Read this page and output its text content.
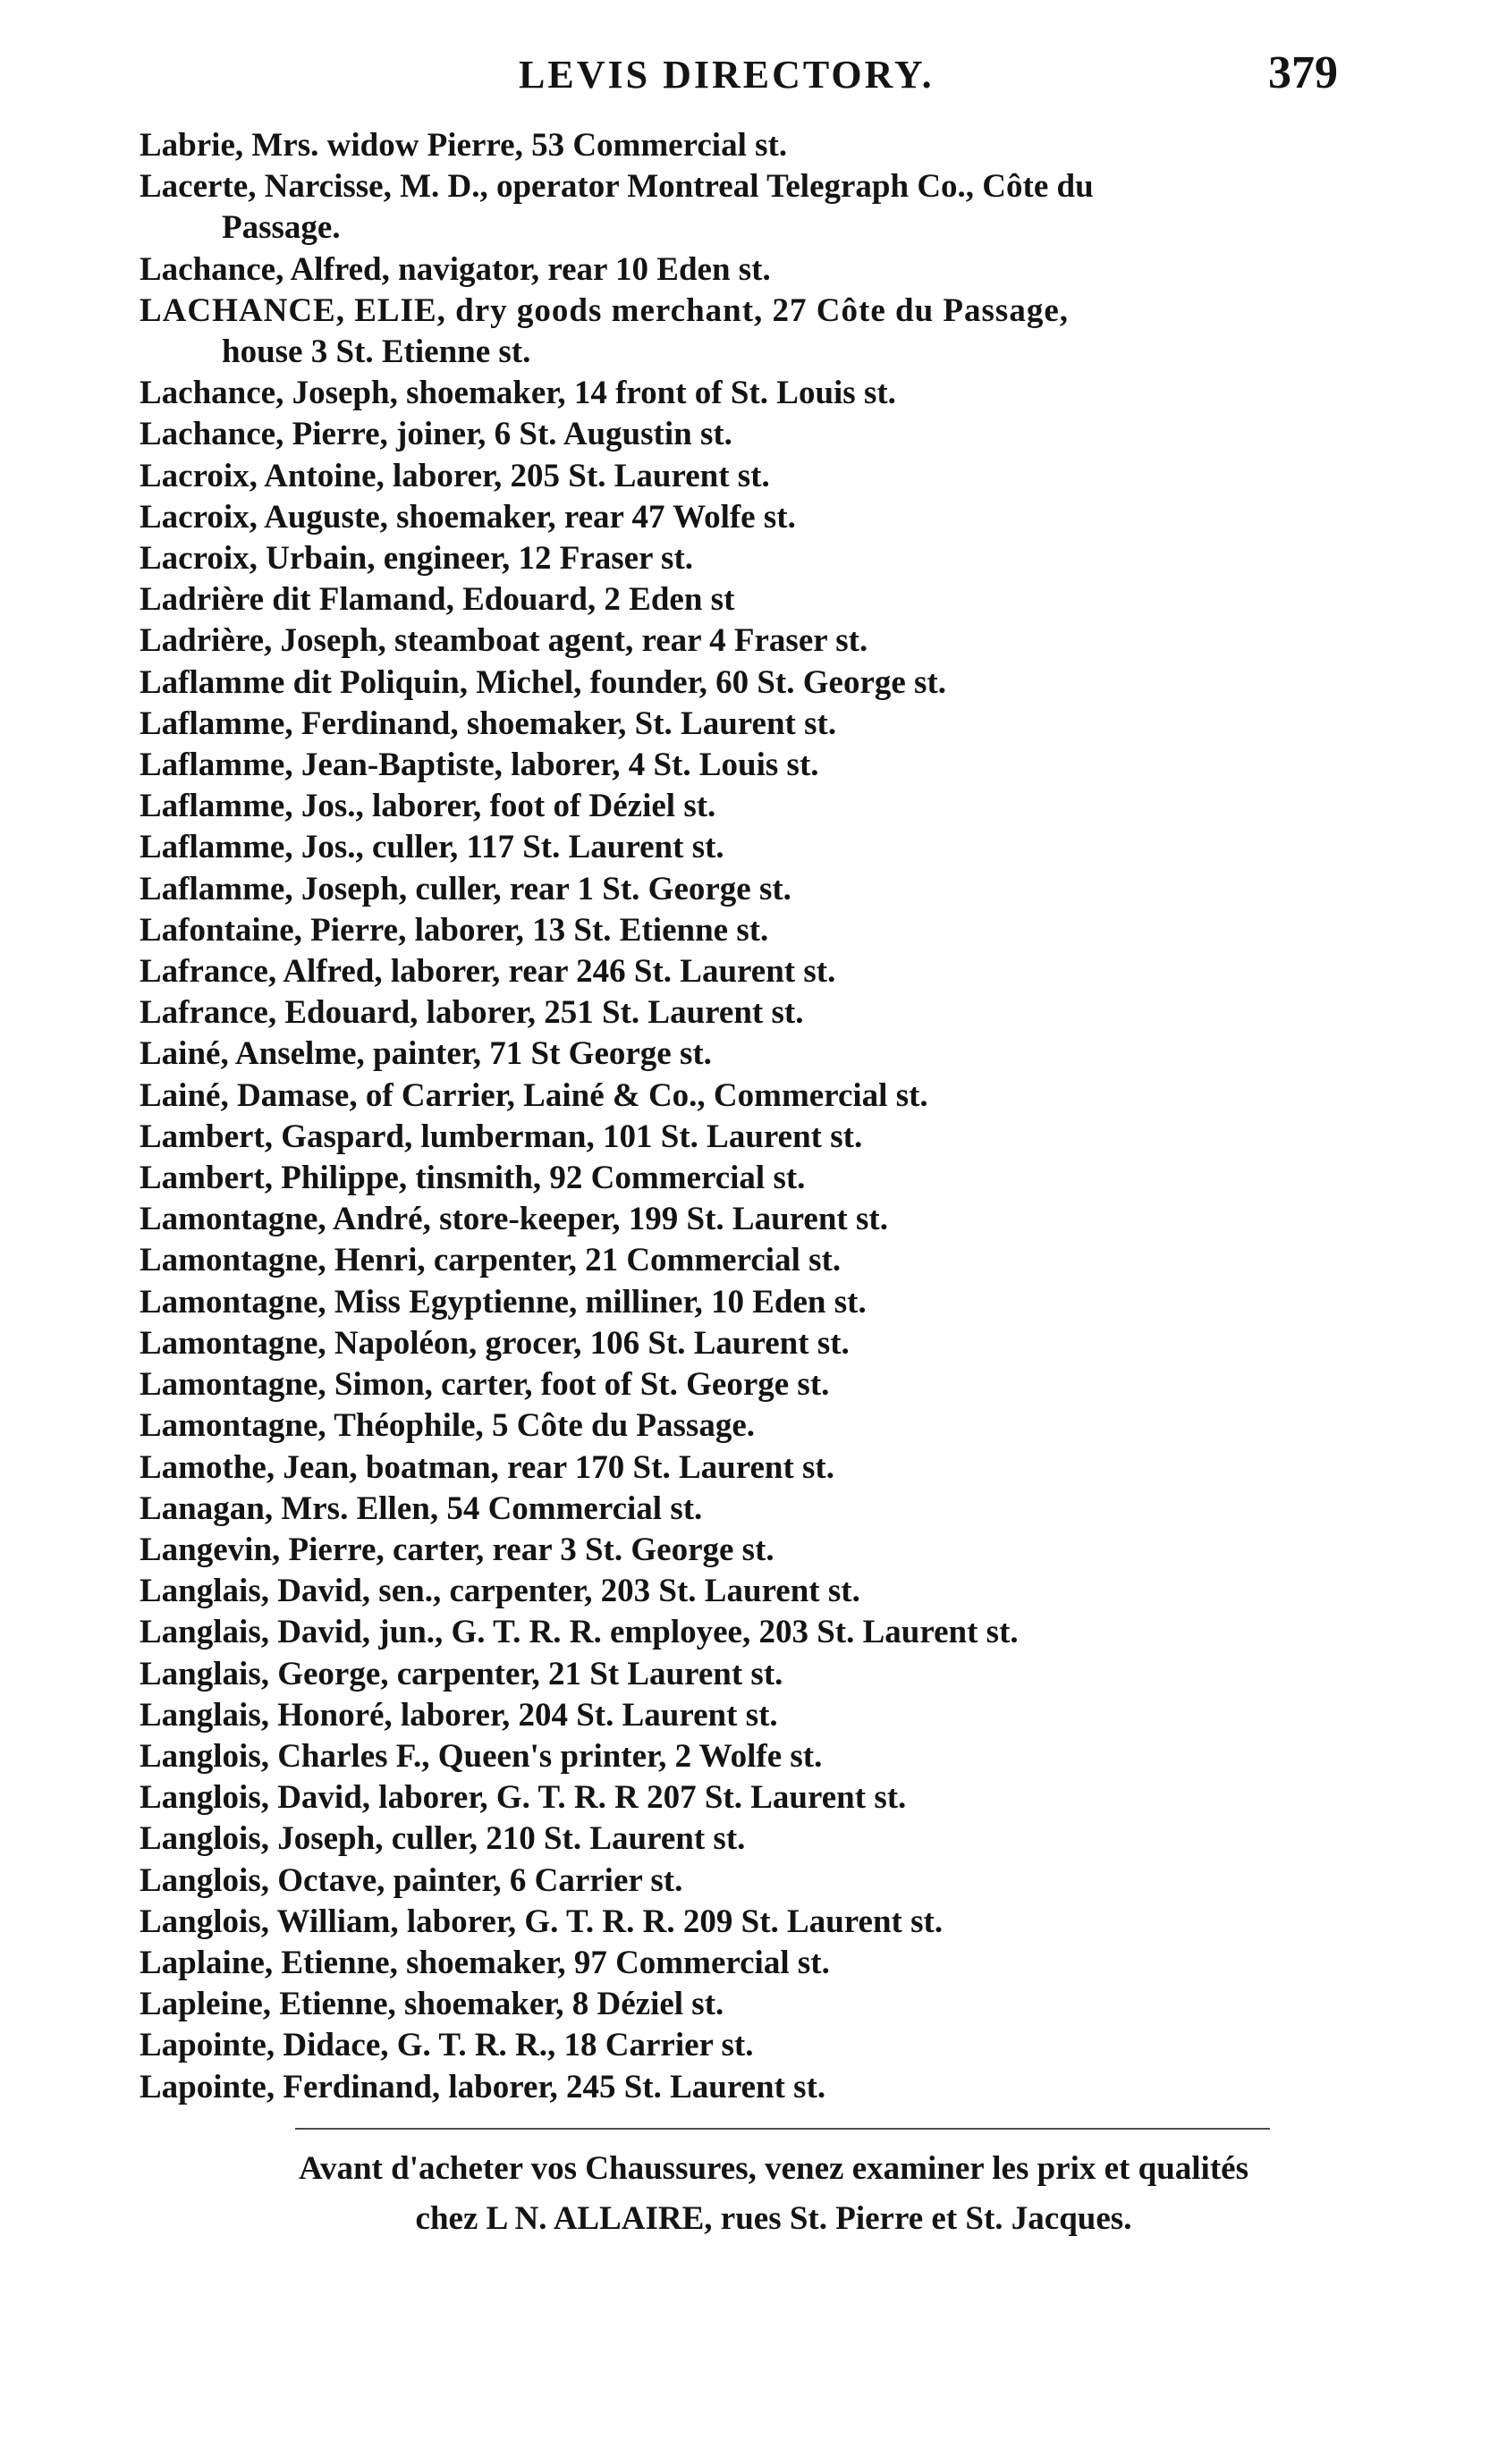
LEVIS DIRECTORY.	379
Labrie, Mrs. widow Pierre, 53 Commercial st.
Lacerte, Narcisse, M. D., operator Montreal Telegraph Co., Côte du
Passage.
Lachance, Alfred, navigator, rear 10 Eden st.
LACHANCE, ELIE, dry goods merchant, 27 Côte du Passage,
house 3 St. Etienne st.
Lachance, Joseph, shoemaker, 14 front of St. Louis st.
Lachance, Pierre, joiner, 6 St. Augustin st.
Lacroix, Antoine, laborer, 205 St. Laurent st.
Lacroix, Auguste, shoemaker, rear 47 Wolfe st.
Lacroix, Urbain, engineer, 12 Fraser st.
Ladrière dit Flamand, Edouard, 2 Eden st
Ladrière, Joseph, steamboat agent, rear 4 Fraser st.
Laflamme dit Poliquin, Michel, founder, 60 St. George st.
Laflamme, Ferdinand, shoemaker, St. Laurent st.
Laflamme, Jean-Baptiste, laborer, 4 St. Louis st.
Laflamme, Jos., laborer, foot of Déziel st.
Laflamme, Jos., culler, 117 St. Laurent st.
Laflamme, Joseph, culler, rear 1 St. George st.
Lafontaine, Pierre, laborer, 13 St. Etienne st.
Lafrance, Alfred, laborer, rear 246 St. Laurent st.
Lafrance, Edouard, laborer, 251 St. Laurent st.
Lainé, Anselme, painter, 71 St George st.
Lainé, Damase, of Carrier, Lainé & Co., Commercial st.
Lambert, Gaspard, lumberman, 101 St. Laurent st.
Lambert, Philippe, tinsmith, 92 Commercial st.
Lamontagne, André, store-keeper, 199 St. Laurent st.
Lamontagne, Henri, carpenter, 21 Commercial st.
Lamontagne, Miss Egyptienne, milliner, 10 Eden st.
Lamontagne, Napoléon, grocer, 106 St. Laurent st.
Lamontagne, Simon, carter, foot of St. George st.
Lamontagne, Théophile, 5 Côte du Passage.
Lamothe, Jean, boatman, rear 170 St. Laurent st.
Lanagan, Mrs. Ellen, 54 Commercial st.
Langevin, Pierre, carter, rear 3 St. George st.
Langlais, David, sen., carpenter, 203 St. Laurent st.
Langlais, David, jun., G. T. R. R. employee, 203 St. Laurent st.
Langlais, George, carpenter, 21 St Laurent st.
Langlais, Honoré, laborer, 204 St. Laurent st.
Langlois, Charles F., Queen's printer, 2 Wolfe st.
Langlois, David, laborer, G. T. R. R 207 St. Laurent st.
Langlois, Joseph, culler, 210 St. Laurent st.
Langlois, Octave, painter, 6 Carrier st.
Langlois, William, laborer, G. T. R. R. 209 St. Laurent st.
Laplaine, Etienne, shoemaker, 97 Commercial st.
Lapleine, Etienne, shoemaker, 8 Déziel st.
Lapointe, Didace, G. T. R. R., 18 Carrier st.
Lapointe, Ferdinand, laborer, 245 St. Laurent st.
Avant d'acheter vos Chaussures, venez examiner les prix et qualités
chez L N. ALLAIRE, rues St. Pierre et St. Jacques.
